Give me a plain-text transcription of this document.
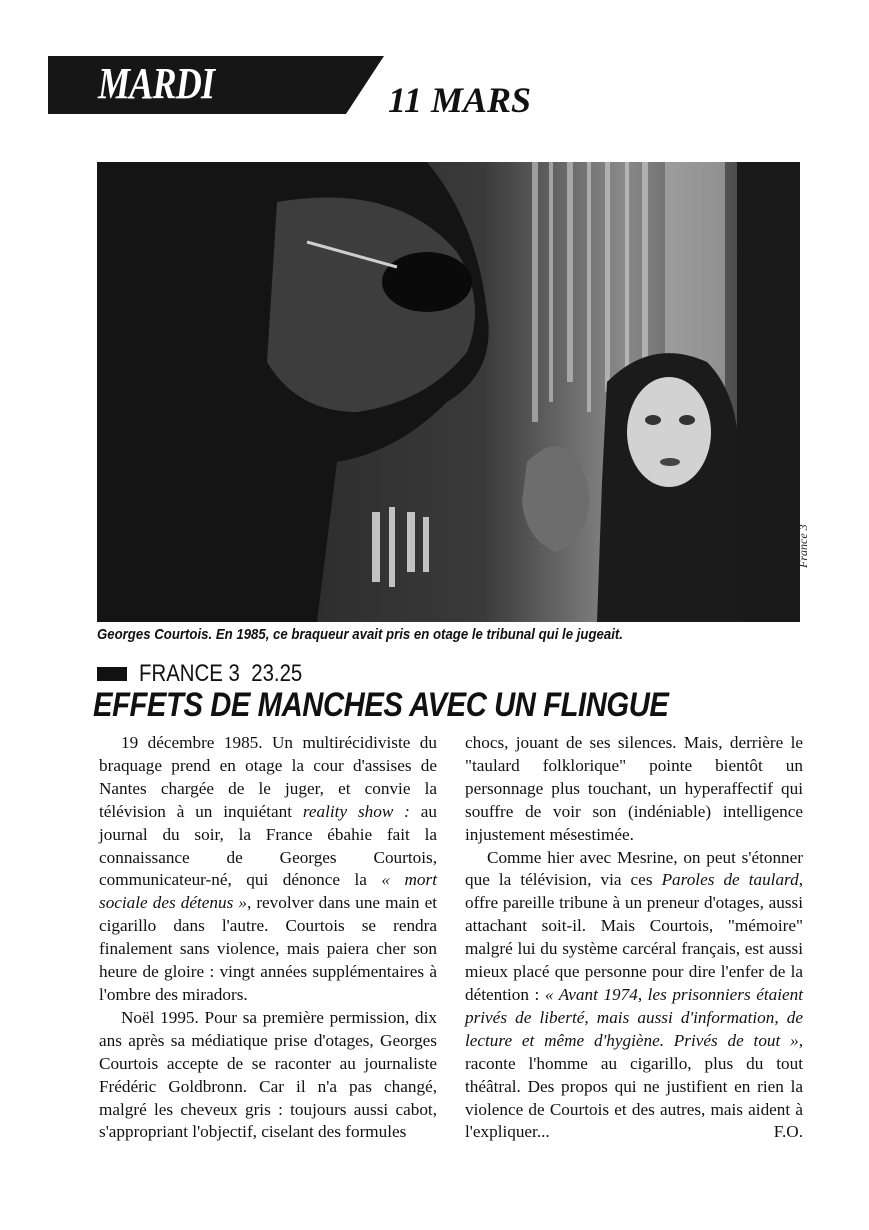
MARDI	11 MARS
France 3
Georges Courtois. En 1985, ce braqueur avait pris en otage le tribunal qui le jugeait.
FRANCE 3 23.25
EFFETS DE MANCHES AVEC UN FLINGUE

19 décembre 1985. Un multirécidiviste du braquage prend en otage la cour d'assises de Nantes chargée de le juger, et convie la télévision à un inquiétant reality show : au journal du soir, la France ébahie fait la connaissance de Georges Courtois, communicateur-né, qui dénonce la « mort sociale des détenus », revolver dans une main et cigarillo dans l'autre. Courtois se rendra finalement sans violence, mais paiera cher son heure de gloire : vingt années supplémentaires à l'ombre des miradors.

Noël 1995. Pour sa première permission, dix ans après sa médiatique prise d'otages, Georges Courtois accepte de se raconter au journaliste Frédéric Goldbronn. Car il n'a pas changé, malgré les cheveux gris : toujours aussi cabot, s'appropriant l'objectif, ciselant des formules

chocs, jouant de ses silences. Mais, derrière le "taulard folklorique" pointe bientôt un personnage plus touchant, un hyperaffectif qui souffre de voir son (indéniable) intelligence injustement mésestimée.

Comme hier avec Mesrine, on peut s'étonner que la télévision, via ces Paroles de taulard, offre pareille tribune à un preneur d'otages, aussi attachant soit-il. Mais Courtois, "mémoire" malgré lui du système carcéral français, est aussi mieux placé que personne pour dire l'enfer de la détention : « Avant 1974, les prisonniers étaient privés de liberté, mais aussi d'information, de lecture et même d'hygiène. Privés de tout », raconte l'homme au cigarillo, plus du tout théâtral. Des propos qui ne justifient en rien la violence de Courtois et des autres, mais aident à l'expliquer...	F.O.
